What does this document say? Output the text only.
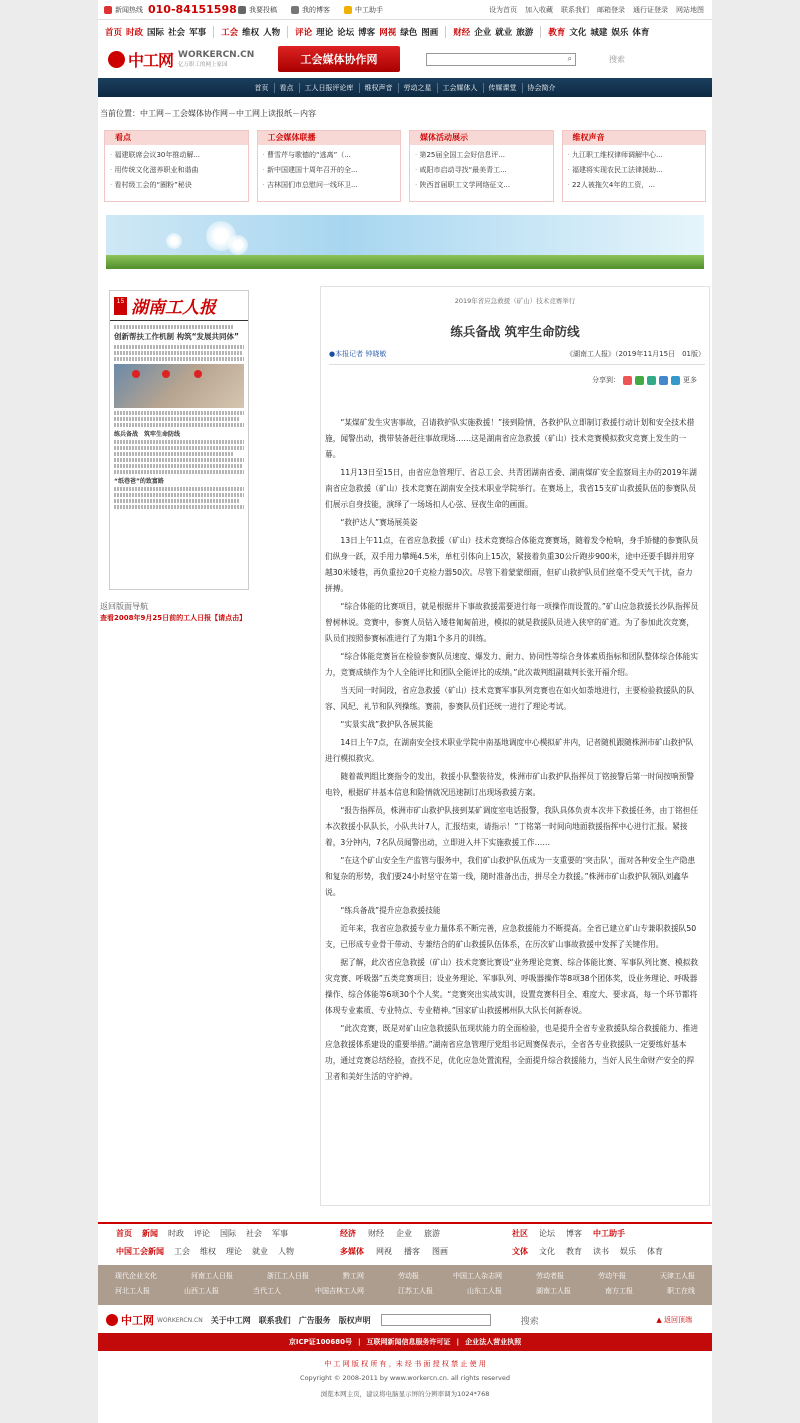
新闻热线 010-84151598 我要投稿	我的博客	中工助手	设为首页 加入收藏 联系我们 邮箱登录 通行证登录 网站地图
首页 时政 国际 社会 军事 工会 维权 人物 评论 理论 论坛 博客 网视 绿色 图画 财经 企业 就业 旅游 教育 文化 城建 娱乐 体育
中工网 WORKERCN.CN
亿万职工的网上家园	工会媒体协作网	⌕	搜索
首页	看点	工人日报评论库	维权声音	劳动之星	工会媒体人	传媒课堂	协会简介
当前位置：中工网－工会媒体协作网－中工网上读报纸－内容
看点
· 福建联席会议30年推动解...
· 用传统文化滋养职业和谐曲
· 看村级工会的“圈粉”秘诀
工会媒体联播
· 曹雪芹与歌德的“逃离”（...
· 新中国建国十周年召开的全...
· 吉林国们市总慰问一线环卫...
媒体活动展示
· 第25届全国工会好信息评...
· 咸阳市启动寻找“最美青工...
· 陕西首届职工文学网络征文...
维权声音
· 九江职工维权律师调解中心...
· 福建将实现农民工法律援助...
· 22人被拖欠4年的工资，...
15 湖南工人报
创新帮扶工作机制 构筑“发展共同体”
练兵备战　筑牢生命防线
“纸巷爸”的致富路
返回版面导航
查看2008年9月25日前的工人日报【请点击】
2019年省应急救援（矿山）技术竞赛举行
练兵备战 筑牢生命防线
●本报记者 钟晓敏	《湖南工人报》（2019年11月15日　01版）
分享到：	更多

“某煤矿发生灾害事故，召请救护队实施救援！”接到险情，各救护队立即制订救援行动计划和安全技术措施，闻警出动，携带装备赶往事故现场……这是湖南省应急救援（矿山）技术竞赛模拟救灾竞赛上发生的一幕。

11月13日至15日，由省应急管理厅、省总工会、共青团湖南省委、湖南煤矿安全监察局主办的2019年湖南省应急救援（矿山）技术竞赛在湖南安全技术职业学院举行。在赛场上，我省15支矿山救援队伍的参赛队员们展示自身技能，演绎了一场场扣人心弦、昼夜生命的画面。

“救护达人”赛场展英姿

13日上午11点，在省应急救援（矿山）技术竞赛综合体能竞赛赛场，随着发令枪响，身手矫健的参赛队员们纵身一跃，双手用力攀绳4.5米，单杠引体向上15次，紧接着负重30公斤跑步900米，途中还要手脚并用穿越30米矮巷，再负重拉20千克检力器50次。尽管下着蒙蒙细雨，但矿山救护队员们丝毫不受天气干扰，奋力拼搏。

“综合体能的比赛项目，就是根据井下事故救援需要进行每一项操作而设置的。”矿山应急救援长沙队指挥员曾树林说。竞赛中，参赛人员钻入矮巷匍匐前进，模拟的就是救援队员进入狭窄的矿道。为了参加此次竞赛，队员们按照参赛标准进行了为期1个多月的训练。

“综合体能竞赛旨在检验参赛队员速度、爆发力、耐力、协同性等综合身体素质指标和团队整体综合体能实力，竞赛成绩作为个人全能评比和团队全能评比的成绩。”此次裁判组副裁判长张开福介绍。

当天同一时间段，省应急救援（矿山）技术竞赛军事队列竞赛也在如火如荼地进行，主要检验救援队的队容、风纪、礼节和队列操练。赛前，参赛队员们还统一进行了理论考试。

“实景实战”救护队各展其能

14日上午7点，在湖南安全技术职业学院中南基地调度中心模拟矿井内，记者随机跟随株洲市矿山救护队进行模拟救灾。

随着裁判组比赛指令的发出，救援小队整装待发，株洲市矿山救护队指挥员丁铭接警后第一时间按响预警电铃，根据矿井基本信息和险情就况迅速制订出现场救援方案。

“报告指挥员，株洲市矿山救护队接到某矿调度室电话报警，我队具体负责本次井下救援任务，由丁铭担任本次救援小队队长，小队共计7人，汇报结束，请指示！”丁铭第一时间向地面救援指挥中心进行汇报。紧接着，3分钟内，7名队员闻警出动，立即进入井下实施救援工作……

“在这个矿山安全生产监管与服务中，我们矿山救护队伍成为一支重要的‘突击队’，面对各种安全生产隐患和复杂的形势，我们要24小时坚守在第一线，随时准备出击，拼尽全力救援。”株洲市矿山救护队领队刘鑫华说。

“练兵备战”提升应急救援技能

近年来，我省应急救援专业力量体系不断完善，应急救援能力不断提高。全省已建立矿山专兼职救援队50支，已形成专业骨干带动、专兼结合的矿山救援队伍体系，在历次矿山事故救援中发挥了关键作用。

据了解，此次省应急救援（矿山）技术竞赛比赛设“业务理论竞赛、综合体能比赛、军事队列比赛、模拟救灾竞赛、呼吸器”五类竞赛项目；设业务理论、军事队列、呼吸器操作等8项38个团体奖，设业务理论、呼吸器操作、综合体能等6项30个个人奖。“竞赛突出实战实训，设置竞赛科目全、难度大、要求高，每一个环节都将体现专业素质、专业特点、专业精神。”国家矿山救援郴州队大队长何新春说。

“此次竞赛，既是对矿山应急救援队伍现状能力的全面检验，也是提升全省专业救援队综合救援能力、推进应急救援体系建设的重要举措。”湖南省应急管理厅党组书记周赛保表示，全省各专业救援队一定要练好基本功，通过竞赛总结经验，查找不足，优化应急处置流程，全面提升综合救援能力，当好人民生命财产安全的捍卫者和美好生活的守护神。

首页 新闻 时政 评论 国际 社会 军事	经济 财经 企业 旅游	社区 论坛 博客 中工助手
中国工会新闻 工会 维权 理论 就业 人物	多媒体 网视 播客 图画	文体 文化 教育 读书 娱乐 体育
现代企业文化	河南工人日报	浙江工人日报	黔工网	劳动报	中国工人杂志网	劳动者报	劳动午报	天津工人报
河北工人报	山西工人报	当代工人	中国吉林工人网	江苏工人报	山东工人报	湖南工人报	南方工报	职工在线
中工网 WORKERCN.CN 关于中工网 联系我们 广告服务 版权声明	搜索	▲ 返回顶端
京ICP证100680号 | 互联网新闻信息服务许可证 | 企业法人营业执照
中 工 网 版 权 所 有 ，未 经 书 面 授 权 禁 止 使 用
Copyright © 2008-2011 by www.workercn.cn. all rights reserved
浏览本网主页，建议将电脑显示屏的分辨率调为1024*768
